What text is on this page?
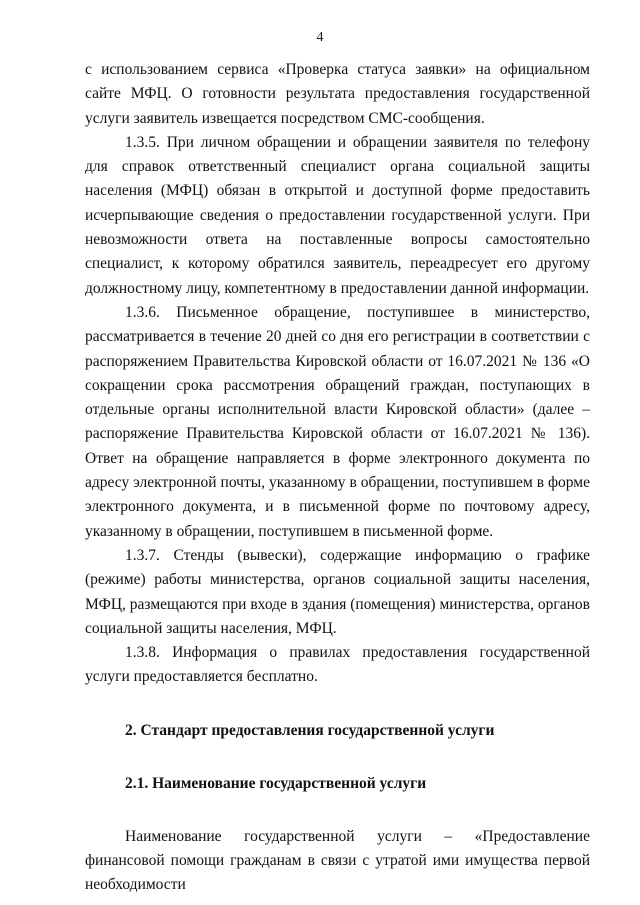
4

с использованием сервиса «Проверка статуса заявки» на официальном сайте МФЦ. О готовности результата предоставления государственной услуги заявитель извещается посредством СМС-сообщения.

1.3.5. При личном обращении и обращении заявителя по телефону для справок ответственный специалист органа социальной защиты населения (МФЦ) обязан в открытой и доступной форме предоставить исчерпывающие сведения о предоставлении государственной услуги. При невозможности ответа на поставленные вопросы самостоятельно специалист, к которому обратился заявитель, переадресует его другому должностному лицу, компетентному в предоставлении данной информации.

1.3.6. Письменное обращение, поступившее в министерство, рассматривается в течение 20 дней со дня его регистрации в соответствии с распоряжением Правительства Кировской области от 16.07.2021 № 136 «О сокращении срока рассмотрения обращений граждан, поступающих в отдельные органы исполнительной власти Кировской области» (далее – распоряжение Правительства Кировской области от 16.07.2021 № 136). Ответ на обращение направляется в форме электронного документа по адресу электронной почты, указанному в обращении, поступившем в форме электронного документа, и в письменной форме по почтовому адресу, указанному в обращении, поступившем в письменной форме.

1.3.7. Стенды (вывески), содержащие информацию о графике (режиме) работы министерства, органов социальной защиты населения, МФЦ, размещаются при входе в здания (помещения) министерства, органов социальной защиты населения, МФЦ.

1.3.8. Информация о правилах предоставления государственной услуги предоставляется бесплатно.

2. Стандарт предоставления государственной услуги

2.1. Наименование государственной услуги

Наименование государственной услуги – «Предоставление финансовой помощи гражданам в связи с утратой ими имущества первой необходимости
